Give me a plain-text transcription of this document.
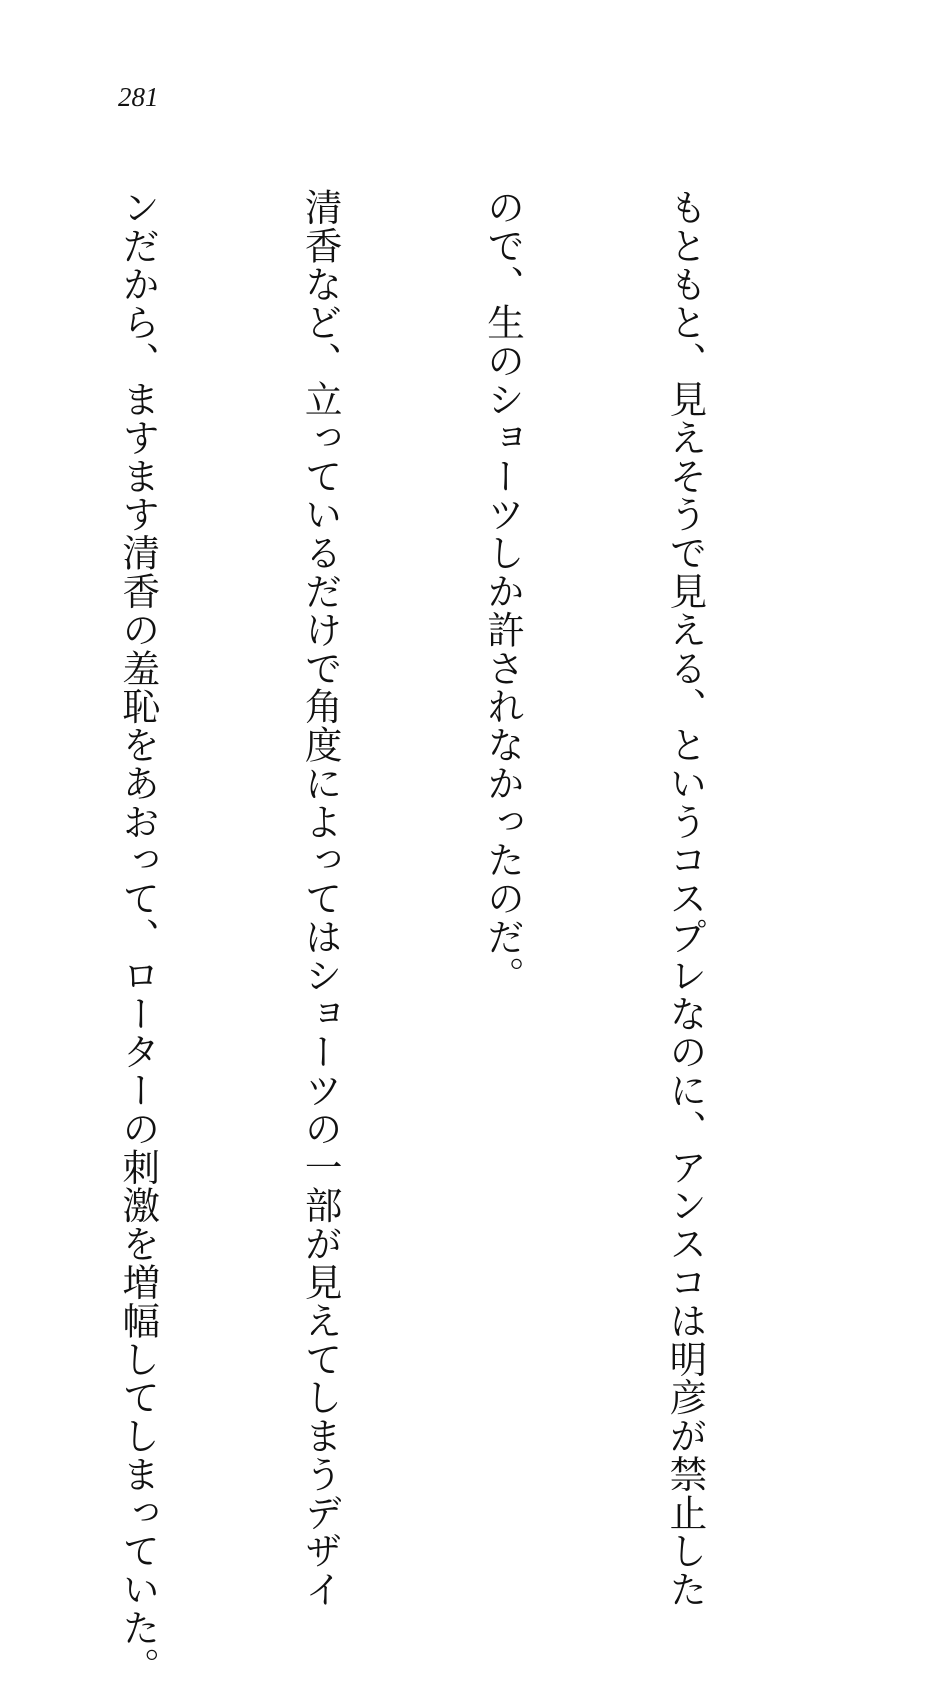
281

もともと、見えそうで見える、というコスプレなのに、アンスコは明彦が禁止した

ので、生のショーツしか許されなかったのだ。

清香など、立っているだけで角度によってはショーツの一部が見えてしまうデザイ

ンだから、ますます清香の羞恥をあおって、ローターの刺激を増幅してしまっていた。
